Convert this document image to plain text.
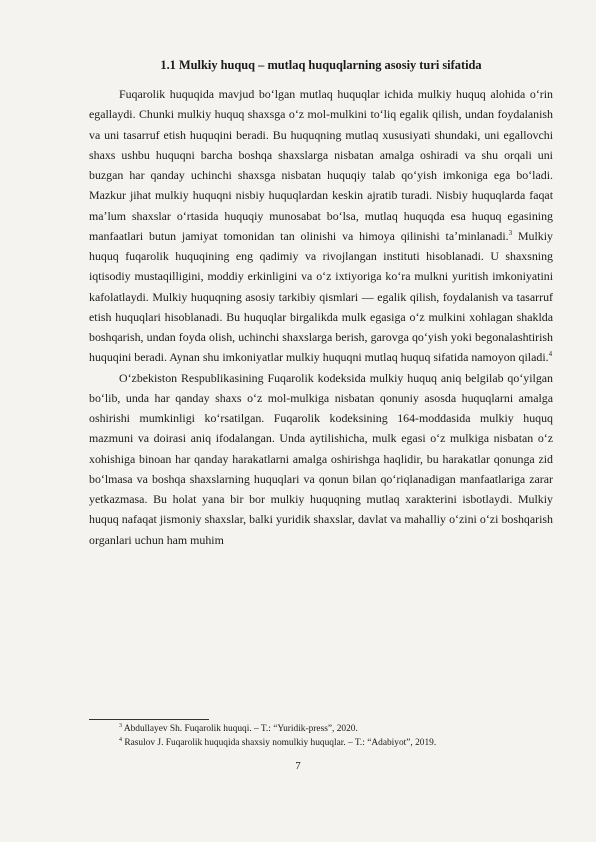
1.1 Mulkiy huquq – mutlaq huquqlarning asosiy turi sifatida

Fuqarolik huquqida mavjud boʻlgan mutlaq huquqlar ichida mulkiy huquq alohida oʻrin egallaydi. Chunki mulkiy huquq shaxsga oʻz mol-mulkini toʻliq egalik qilish, undan foydalanish va uni tasarruf etish huquqini beradi. Bu huquqning mutlaq xususiyati shundaki, uni egallovchi shaxs ushbu huquqni barcha boshqa shaxslarga nisbatan amalga oshiradi va shu orqali uni buzgan har qanday uchinchi shaxsga nisbatan huquqiy talab qoʻyish imkoniga ega boʻladi. Mazkur jihat mulkiy huquqni nisbiy huquqlardan keskin ajratib turadi. Nisbiy huquqlarda faqat maʼlum shaxslar oʻrtasida huquqiy munosabat boʻlsa, mutlaq huquqda esa huquq egasining manfaatlari butun jamiyat tomonidan tan olinishi va himoya qilinishi taʼminlanadi.$^3$ Mulkiy huquq fuqarolik huquqining eng qadimiy va rivojlangan instituti hisoblanadi. U shaxsning iqtisodiy mustaqilligini, moddiy erkinligini va oʻz ixtiyoriga koʻra mulkni yuritish imkoniyatini kafolatlaydi. Mulkiy huquqning asosiy tarkibiy qismlari — egalik qilish, foydalanish va tasarruf etish huquqlari hisoblanadi. Bu huquqlar birgalikda mulk egasiga oʻz mulkini xohlagan shaklda boshqarish, undan foyda olish, uchinchi shaxslarga berish, garovga qoʻyish yoki begonalashtirish huquqini beradi. Aynan shu imkoniyatlar mulkiy huquqni mutlaq huquq sifatida namoyon qiladi.$^4$

Oʻzbekiston Respublikasining Fuqarolik kodeksida mulkiy huquq aniq belgilab qoʻyilgan boʻlib, unda har qanday shaxs oʻz mol-mulkiga nisbatan qonuniy asosda huquqlarni amalga oshirishi mumkinligi koʻrsatilgan. Fuqarolik kodeksining 164-moddasida mulkiy huquq mazmuni va doirasi aniq ifodalangan. Unda aytilishicha, mulk egasi oʻz mulkiga nisbatan oʻz xohishiga binoan har qanday harakatlarni amalga oshirishga haqlidir, bu harakatlar qonunga zid boʻlmasa va boshqa shaxslarning huquqlari va qonun bilan qoʻriqlanadigan manfaatlariga zarar yetkazmasa. Bu holat yana bir bor mulkiy huquqning mutlaq xarakterini isbotlaydi. Mulkiy huquq nafaqat jismoniy shaxslar, balki yuridik shaxslar, davlat va mahalliy oʻzini oʻzi boshqarish organlari uchun ham muhim

$^3$ Abdullayev Sh. Fuqarolik huquqi. – T.: “Yuridik-press”, 2020.

$^4$ Rasulov J. Fuqarolik huquqida shaxsiy nomulkiy huquqlar. – T.: “Adabiyot”, 2019.

7
